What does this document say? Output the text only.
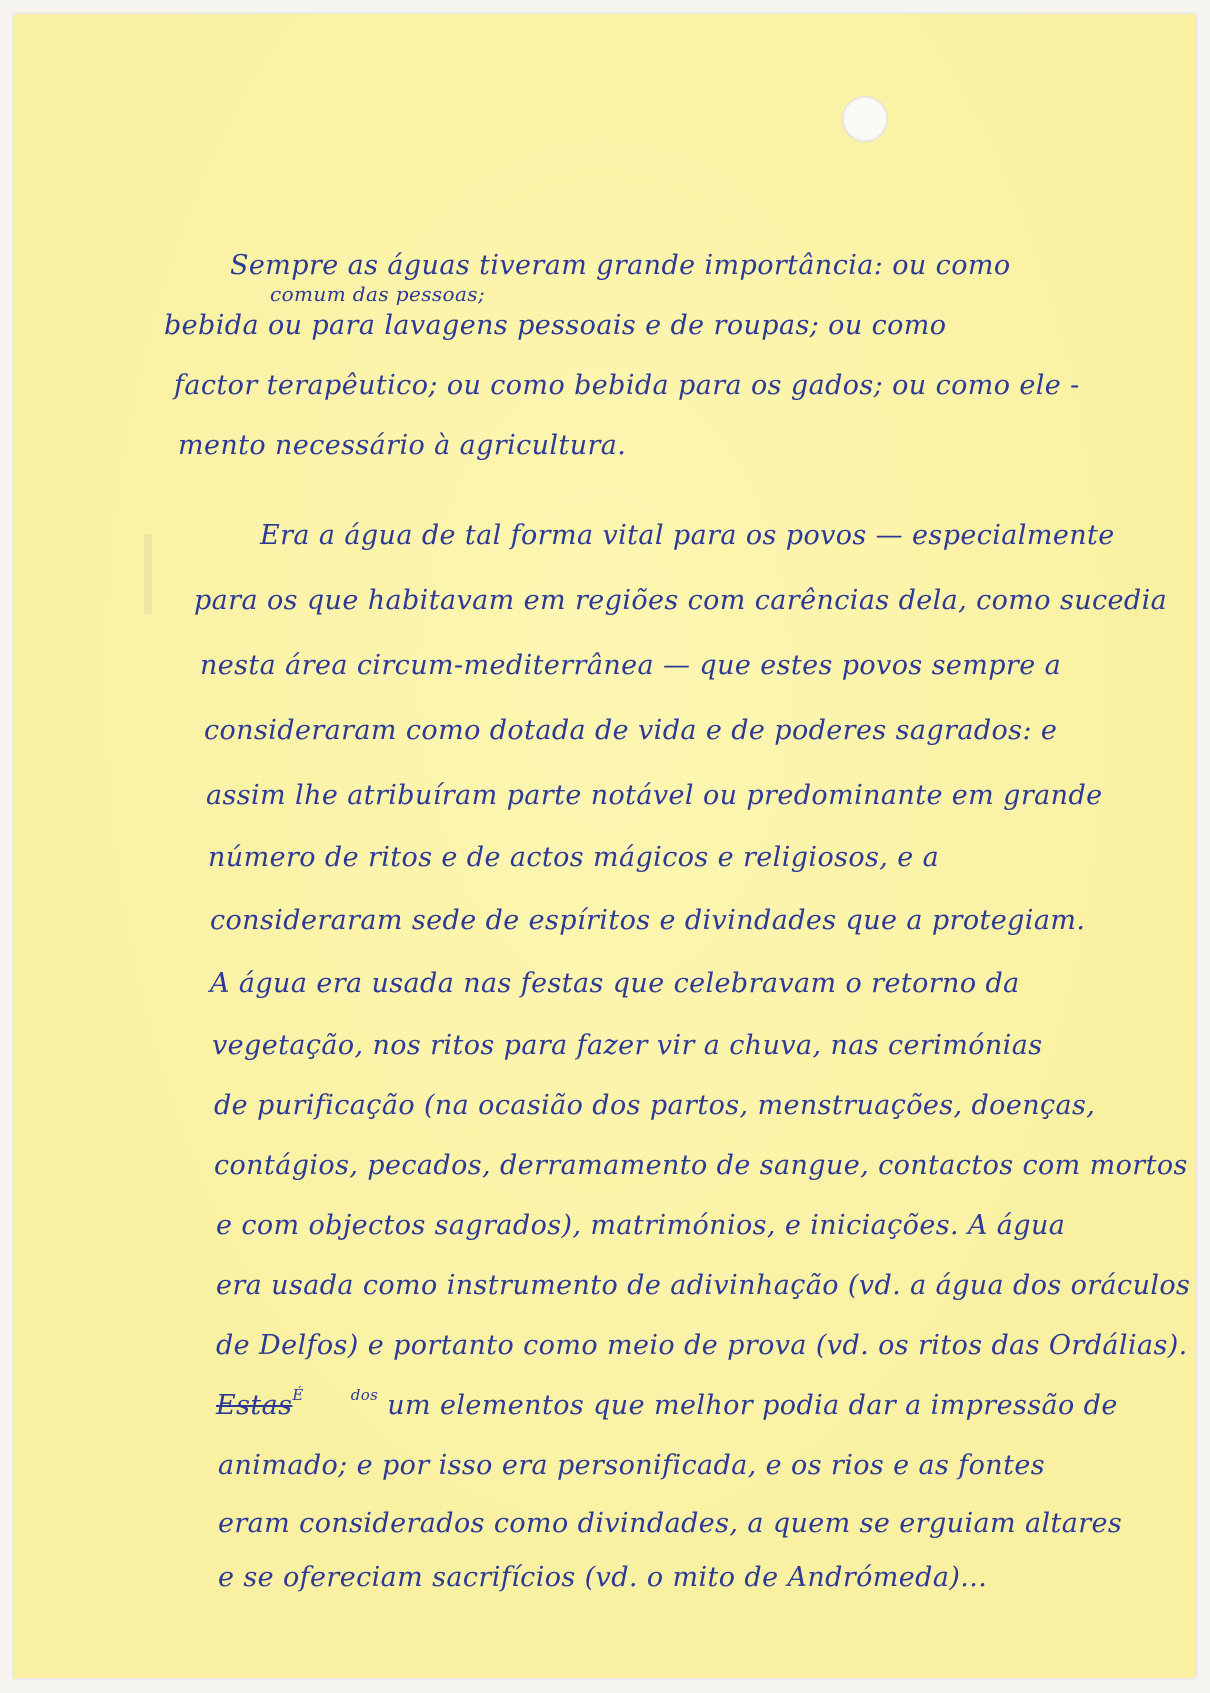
comum das pessoas;
Sempre as águas tiveram grande importância: ou como
bebida ou para lavagens pessoais e de roupas; ou como
factor terapêutico; ou como bebida para os gados; ou como ele -
mento necessário à agricultura.
Era a água de tal forma vital para os povos — especialmente
para os que habitavam em regiões com carências dela, como sucedia
nesta área circum-mediterrânea — que estes povos sempre a
consideraram como dotada de vida e de poderes sagrados: e
assim lhe atribuíram parte notável ou predominante em grande
número de ritos e de actos mágicos e religiosos, e a
consideraram sede de espíritos e divindades que a protegiam.
A água era usada nas festas que celebravam o retorno da
vegetação, nos ritos para fazer vir a chuva, nas cerimónias
de purificação (na ocasião dos partos, menstruações, doenças,
contágios, pecados, derramamento de sangue, contactos com mortos
e com objectos sagrados), matrimónios, e iniciações. A água
era usada como instrumento de adivinhação (vd. a água dos oráculos
de Delfos) e portanto como meio de prova (vd. os ritos das Ordálias).
Estas$^É$	$^{dos}$ um elementos que melhor podia dar a impressão de
animado; e por isso era personificada, e os rios e as fontes
eram considerados como divindades, a quem se erguiam altares
e se ofereciam sacrifícios (vd. o mito de Andrómeda)...
